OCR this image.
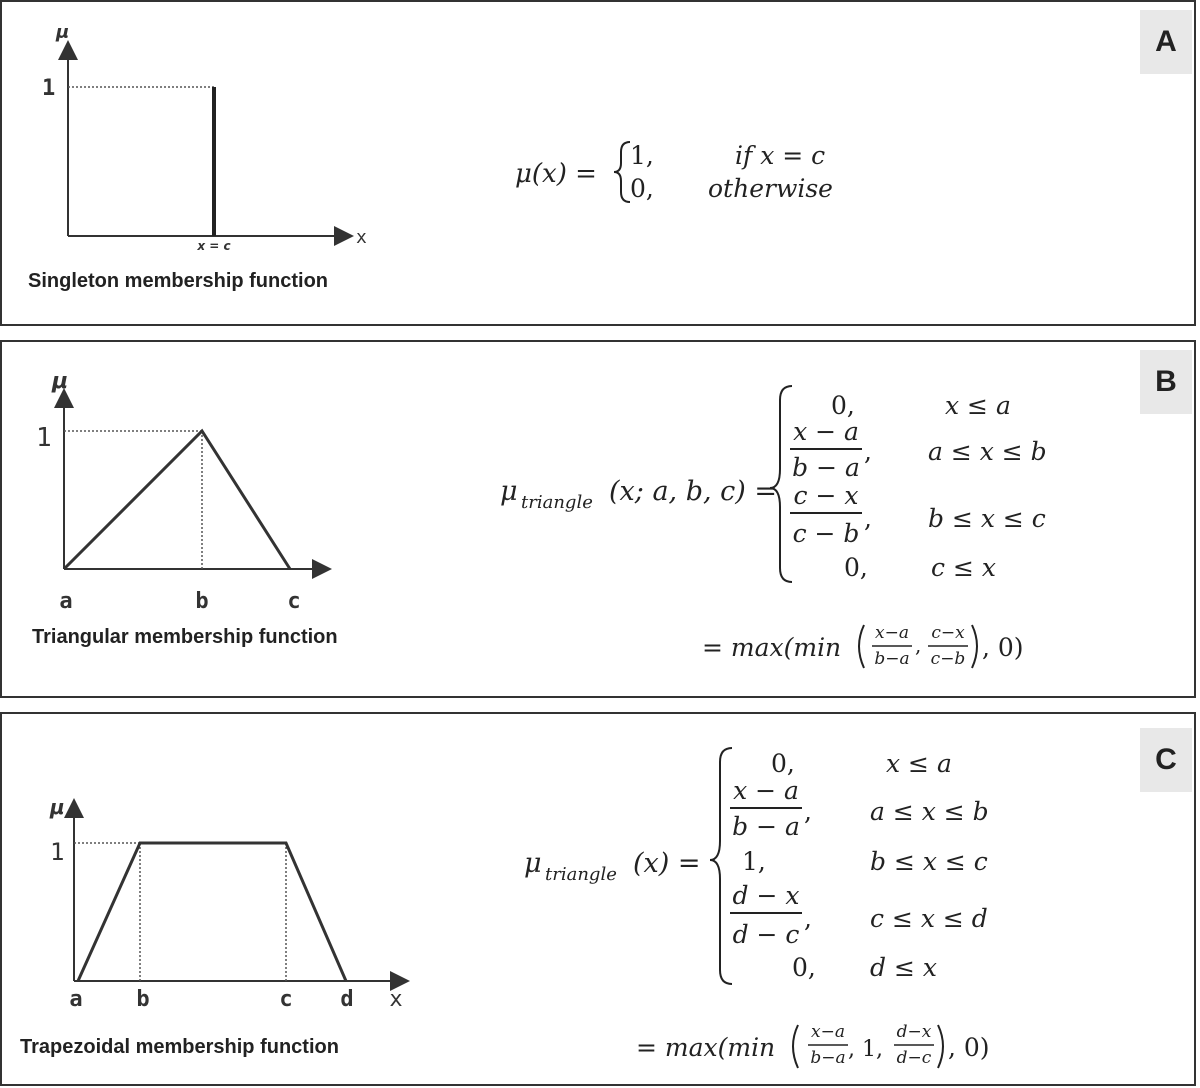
A
μ
1
x
x = c
Singleton membership function
μ(x) =
1,	if x = c
0, otherwise
B
μ
1
a	b	c
Triangular membership function
μ triangle (x; a, b, c) =
0,	x ≤ a
x − a
b − a
, a ≤ x ≤ b
c − x
c − b
, b ≤ x ≤ c
0,	c ≤ x
= max(min x−a
b−a
, c−x
c−b , 0)
C
μ
1
a b	c d x
Trapezoidal membership function
μ triangle (x) =
0,	x ≤ a
x − a
b − a
, a ≤ x ≤ b
1,	b ≤ x ≤ c
d − x
d − c
, c ≤ x ≤ d
0, d ≤ x
= max(min
x−a
b−a , 1,
d−x
d−c , 0)
